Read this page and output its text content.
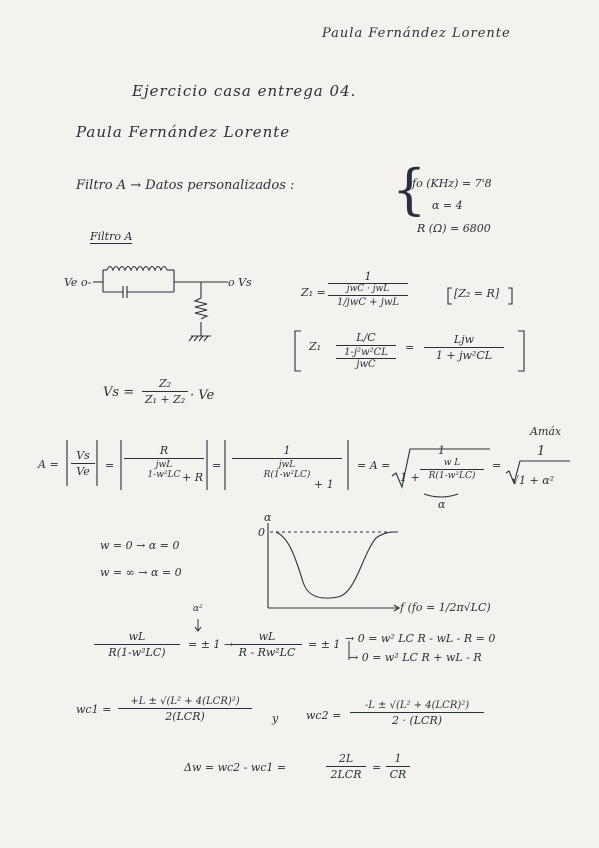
Paula Fernández Lorente
Ejercicio casa entrega 04.
Paula Fernández Lorente
Filtro A → Datos personalizados : {
fo (KHz) = 7'8
α = 4
R (Ω) = 6800
Filtro A
Ve o-	o Vs
Z₁ =
1
jwC · jwL
1/jwC + jwL
[Z₂ = R]
Z₁
L/C
1-j²w²CL
jwC
=
Ljw
1 + jw²CL
Vs =
Z₂
Z₁ + Z₂ · Ve
A =
Vs
Ve	=
R
jwL
1-w²LC + R
=
1
jwL
R(1-w²LC)
+ 1
= A =
1
1 +
w L
R(1-w²LC)
α
=
Amáx
1
√1 + α²
w = 0 → α = 0
w = ∞ → α = 0
α
0
f (fo = 1/2π√LC)
α²
wL
R(1-w²LC)
= ± 1 →
wL
R - Rw²LC
= ± 1 → 0 = w² LC R - wL - R = 0
→ 0 = w² LC R + wL - R
wc1 =
+L ± √(L² + 4(LCR)²)
2(LCR)	y	wc2 =
-L ± √(L² + 4(LCR)²)
2 · (LCR)
Δw = wc2 - wc1 =
2L
2LCR
=
1
CR
